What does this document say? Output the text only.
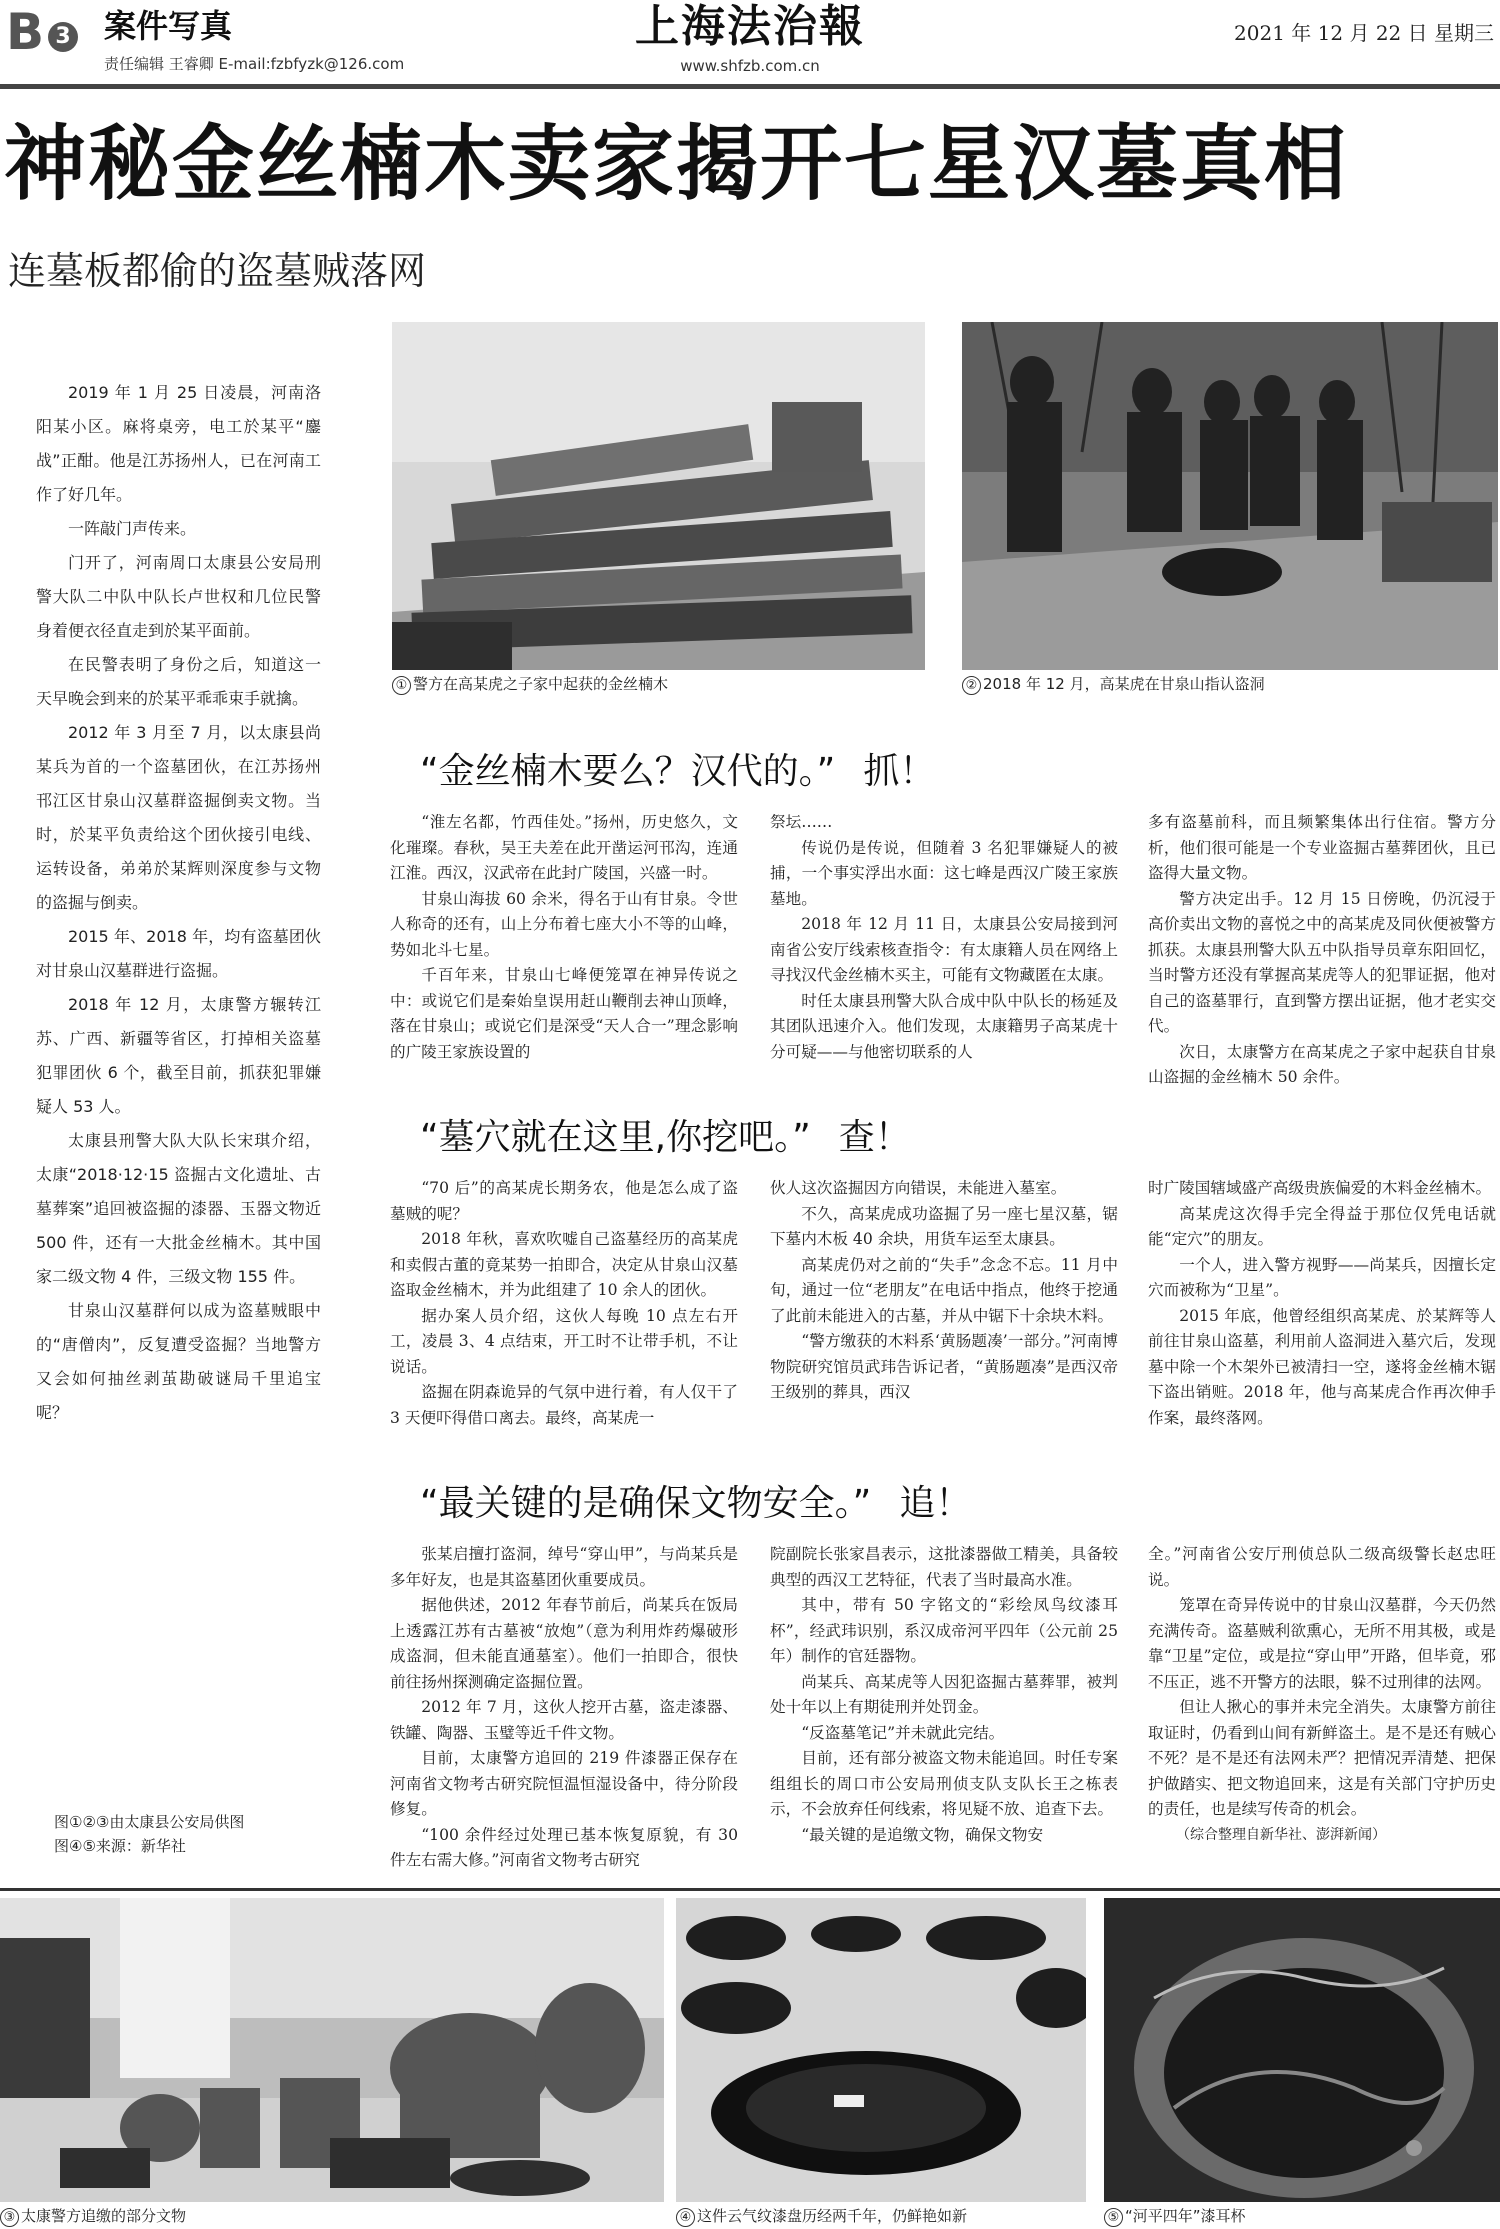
B 3 案件写真
责任编辑 王睿卿 E-mail:fzbfyzk@126.com
上海法治報
www.shfzb.com.cn
2021 年 12 月 22 日 星期三
神秘金丝楠木卖家揭开七星汉墓真相
连墓板都偷的盗墓贼落网

2019 年 1 月 25 日凌晨，河南洛阳某小区。麻将桌旁，电工於某平“鏖战”正酣。他是江苏扬州人，已在河南工作了好几年。

一阵敲门声传来。

门开了，河南周口太康县公安局刑警大队二中队中队长卢世权和几位民警身着便衣径直走到於某平面前。

在民警表明了身份之后，知道这一天早晚会到来的於某平乖乖束手就擒。

2012 年 3 月至 7 月，以太康县尚某兵为首的一个盗墓团伙，在江苏扬州邗江区甘泉山汉墓群盗掘倒卖文物。当时，於某平负责给这个团伙接引电线、运转设备，弟弟於某辉则深度参与文物的盗掘与倒卖。

2015 年、2018 年，均有盗墓团伙对甘泉山汉墓群进行盗掘。

2018 年 12 月，太康警方辗转江苏、广西、新疆等省区，打掉相关盗墓犯罪团伙 6 个，截至目前，抓获犯罪嫌疑人 53 人。

太康县刑警大队大队长宋琪介绍，太康“2018·12·15 盗掘古文化遗址、古墓葬案”追回被盗掘的漆器、玉器文物近 500 件，还有一大批金丝楠木。其中国家二级文物 4 件，三级文物 155 件。

甘泉山汉墓群何以成为盗墓贼眼中的“唐僧肉”，反复遭受盗掘？当地警方又会如何抽丝剥茧勘破谜局千里追宝呢？

图①②③由太康县公安局供图
图④⑤来源：新华社
① 警方在高某虎之子家中起获的金丝楠木	② 2018 年 12 月，高某虎在甘泉山指认盗洞
“金丝楠木要么？汉代的。” 抓！

“淮左名都，竹西佳处。”扬州，历史悠久，文化璀璨。春秋，吴王夫差在此开凿运河邗沟，连通江淮。西汉，汉武帝在此封广陵国，兴盛一时。

甘泉山海拔 60 余米，得名于山有甘泉。令世人称奇的还有，山上分布着七座大小不等的山峰，势如北斗七星。

千百年来，甘泉山七峰便笼罩在神异传说之中：或说它们是秦始皇误用赶山鞭削去神山顶峰，落在甘泉山；或说它们是深受“天人合一”理念影响的广陵王家族设置的

祭坛……

传说仍是传说，但随着 3 名犯罪嫌疑人的被捕，一个事实浮出水面：这七峰是西汉广陵王家族墓地。

2018 年 12 月 11 日，太康县公安局接到河南省公安厅线索核查指令：有太康籍人员在网络上寻找汉代金丝楠木买主，可能有文物藏匿在太康。

时任太康县刑警大队合成中队中队长的杨延及其团队迅速介入。他们发现，太康籍男子高某虎十分可疑——与他密切联系的人

多有盗墓前科，而且频繁集体出行住宿。警方分析，他们很可能是一个专业盗掘古墓葬团伙，且已盗得大量文物。

警方决定出手。12 月 15 日傍晚，仍沉浸于高价卖出文物的喜悦之中的高某虎及同伙便被警方抓获。太康县刑警大队五中队指导员章东阳回忆，当时警方还没有掌握高某虎等人的犯罪证据，他对自己的盗墓罪行，直到警方摆出证据，他才老实交代。

次日，太康警方在高某虎之子家中起获自甘泉山盗掘的金丝楠木 50 余件。

“墓穴就在这里,你挖吧。” 查！

“70 后”的高某虎长期务农，他是怎么成了盗墓贼的呢？

2018 年秋，喜欢吹嘘自己盗墓经历的高某虎和卖假古董的竟某势一拍即合，决定从甘泉山汉墓盗取金丝楠木，并为此组建了 10 余人的团伙。

据办案人员介绍，这伙人每晚 10 点左右开工，凌晨 3、4 点结束，开工时不让带手机，不让说话。

盗掘在阴森诡异的气氛中进行着，有人仅干了 3 天便吓得借口离去。最终，高某虎一

伙人这次盗掘因方向错误，未能进入墓室。

不久，高某虎成功盗掘了另一座七星汉墓，锯下墓内木板 40 余块，用货车运至太康县。

高某虎仍对之前的“失手”念念不忘。11 月中旬，通过一位“老朋友”在电话中指点，他终于挖通了此前未能进入的古墓，并从中锯下十余块木料。

“警方缴获的木料系‘黄肠题凑’一部分。”河南博物院研究馆员武玮告诉记者，“黄肠题凑”是西汉帝王级别的葬具，西汉

时广陵国辖域盛产高级贵族偏爱的木料金丝楠木。

高某虎这次得手完全得益于那位仅凭电话就能“定穴”的朋友。

一个人，进入警方视野——尚某兵，因擅长定穴而被称为“卫星”。

2015 年底，他曾经组织高某虎、於某辉等人前往甘泉山盗墓，利用前人盗洞进入墓穴后，发现墓中除一个木架外已被清扫一空，遂将金丝楠木锯下盗出销赃。2018 年，他与高某虎合作再次伸手作案，最终落网。

“最关键的是确保文物安全。” 追！

张某启擅打盗洞，绰号“穿山甲”，与尚某兵是多年好友，也是其盗墓团伙重要成员。

据他供述，2012 年春节前后，尚某兵在饭局上透露江苏有古墓被“放炮”（意为利用炸药爆破形成盗洞，但未能直通墓室）。他们一拍即合，很快前往扬州探测确定盗掘位置。

2012 年 7 月，这伙人挖开古墓，盗走漆器、铁罐、陶器、玉璧等近千件文物。

目前，太康警方追回的 219 件漆器正保存在河南省文物考古研究院恒温恒湿设备中，待分阶段修复。

“100 余件经过处理已基本恢复原貌，有 30 件左右需大修。”河南省文物考古研究

院副院长张家昌表示，这批漆器做工精美，具备较典型的西汉工艺特征，代表了当时最高水准。

其中，带有 50 字铭文的“彩绘凤鸟纹漆耳杯”，经武玮识别，系汉成帝河平四年（公元前 25 年）制作的官廷器物。

尚某兵、高某虎等人因犯盗掘古墓葬罪，被判处十年以上有期徒刑并处罚金。

“反盗墓笔记”并未就此完结。

目前，还有部分被盗文物未能追回。时任专案组组长的周口市公安局刑侦支队支队长王之栋表示，不会放弃任何线索，将见疑不放、追查下去。

“最关键的是追缴文物，确保文物安

全。”河南省公安厅刑侦总队二级高级警长赵忠旺说。

笼罩在奇异传说中的甘泉山汉墓群，今天仍然充满传奇。盗墓贼利欲熏心，无所不用其极，或是靠“卫星”定位，或是拉“穿山甲”开路，但毕竟，邪不压正，逃不开警方的法眼，躲不过刑律的法网。

但让人揪心的事并未完全消失。太康警方前往取证时，仍看到山间有新鲜盗土。是不是还有贼心不死？是不是还有法网未严？把情况弄清楚、把保护做踏实、把文物追回来，这是有关部门守护历史的责任，也是续写传奇的机会。

（综合整理自新华社、澎湃新闻）

③ 太康警方追缴的部分文物	④ 这件云气纹漆盘历经两千年，仍鲜艳如新	⑤ “河平四年”漆耳杯
